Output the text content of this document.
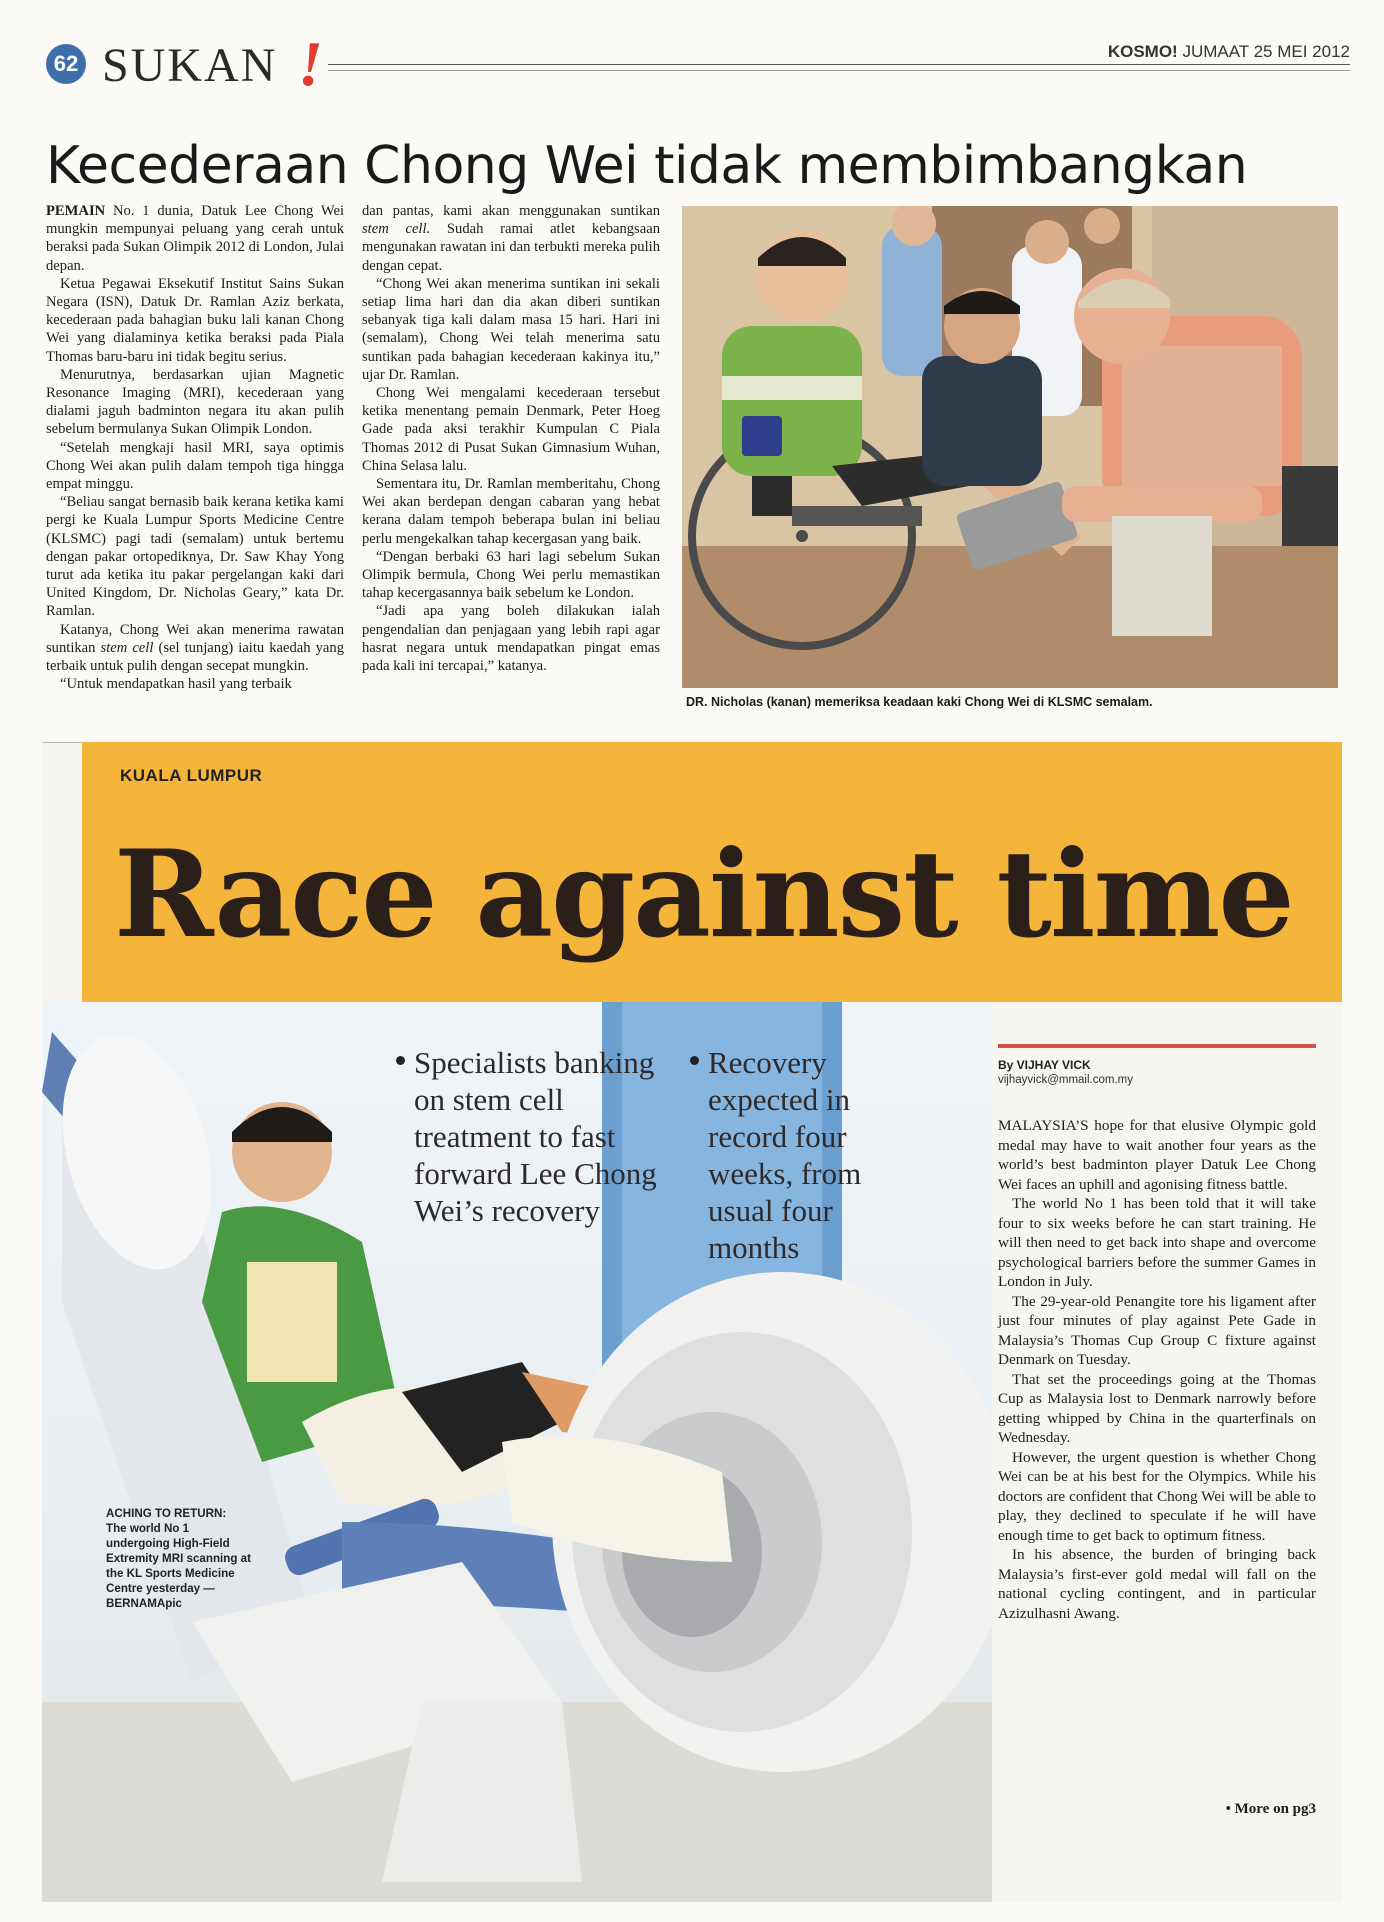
62 SUKAN !	KOSMO! JUMAAT 25 MEI 2012
Kecederaan Chong Wei tidak membimbangkan

PEMAIN No. 1 dunia, Datuk Lee Chong Wei mungkin mempunyai peluang yang cerah untuk beraksi pada Sukan Olimpik 2012 di London, Julai depan.

Ketua Pegawai Eksekutif Institut Sains Sukan Negara (ISN), Datuk Dr. Ramlan Aziz berkata, kecederaan pada bahagian buku lali kanan Chong Wei yang dialaminya ketika beraksi pada Piala Thomas baru-baru ini tidak begitu serius.

Menurutnya, berdasarkan ujian Magnetic Resonance Imaging (MRI), kecederaan yang dialami jaguh badminton negara itu akan pulih sebelum bermulanya Sukan Olimpik London.

“Setelah mengkaji hasil MRI, saya optimis Chong Wei akan pulih dalam tempoh tiga hingga empat minggu.

“Beliau sangat bernasib baik kerana ketika kami pergi ke Kuala Lumpur Sports Medicine Centre (KLSMC) pagi tadi (semalam) untuk bertemu dengan pakar ortopediknya, Dr. Saw Khay Yong turut ada ketika itu pakar pergelangan kaki dari United Kingdom, Dr. Nicholas Geary,” kata Dr. Ramlan.

Katanya, Chong Wei akan menerima rawatan suntikan stem cell (sel tunjang) iaitu kaedah yang terbaik untuk pulih dengan secepat mungkin.

“Untuk mendapatkan hasil yang terbaik

dan pantas, kami akan menggunakan suntikan stem cell. Sudah ramai atlet kebangsaan mengunakan rawatan ini dan terbukti mereka pulih dengan cepat.

“Chong Wei akan menerima suntikan ini sekali setiap lima hari dan dia akan diberi suntikan sebanyak tiga kali dalam masa 15 hari. Hari ini (semalam), Chong Wei telah menerima satu suntikan pada bahagian kecederaan kakinya itu,” ujar Dr. Ramlan.

Chong Wei mengalami kecederaan tersebut ketika menentang pemain Denmark, Peter Hoeg Gade pada aksi terakhir Kumpulan C Piala Thomas 2012 di Pusat Sukan Gimnasium Wuhan, China Selasa lalu.

Sementara itu, Dr. Ramlan memberitahu, Chong Wei akan berdepan dengan cabaran yang hebat kerana dalam tempoh beberapa bulan ini beliau perlu mengekalkan tahap kecergasan yang baik.

“Dengan berbaki 63 hari lagi sebelum Sukan Olimpik bermula, Chong Wei perlu memastikan tahap kecergasannya baik sebelum ke London.

“Jadi apa yang boleh dilakukan ialah pengendalian dan penjagaan yang lebih rapi agar hasrat negara untuk mendapatkan pingat emas pada kali ini tercapai,” katanya.

DR. Nicholas (kanan) memeriksa keadaan kaki Chong Wei di KLSMC semalam.
KUALA LUMPUR
Race against time
Specialists banking on stem cell treatment to fast forward Lee Chong Wei’s recovery
Recovery expected in record four weeks, from usual four months
ACHING TO RETURN:
The world No 1 undergoing High-Field Extremity MRI scanning at the KL Sports Medicine Centre yesterday — BERNAMApic
By VIJHAY VICK
vijhayvick@mmail.com.my

MALAYSIA’S hope for that elusive Olympic gold medal may have to wait another four years as the world’s best badminton player Datuk Lee Chong Wei faces an uphill and agonising fitness battle.

The world No 1 has been told that it will take four to six weeks before he can start training. He will then need to get back into shape and overcome psychological barriers before the summer Games in London in July.

The 29-year-old Penangite tore his ligament after just four minutes of play against Pete Gade in Malaysia’s Thomas Cup Group C fixture against Denmark on Tuesday.

That set the proceedings going at the Thomas Cup as Malaysia lost to Denmark narrowly before getting whipped by China in the quarterfinals on Wednesday.

However, the urgent question is whether Chong Wei can be at his best for the Olympics. While his doctors are confident that Chong Wei will be able to play, they declined to speculate if he will have enough time to get back to optimum fitness.

In his absence, the burden of bringing back Malaysia’s first-ever gold medal will fall on the national cycling contingent, and in particular Azizulhasni Awang.

• More on pg3
